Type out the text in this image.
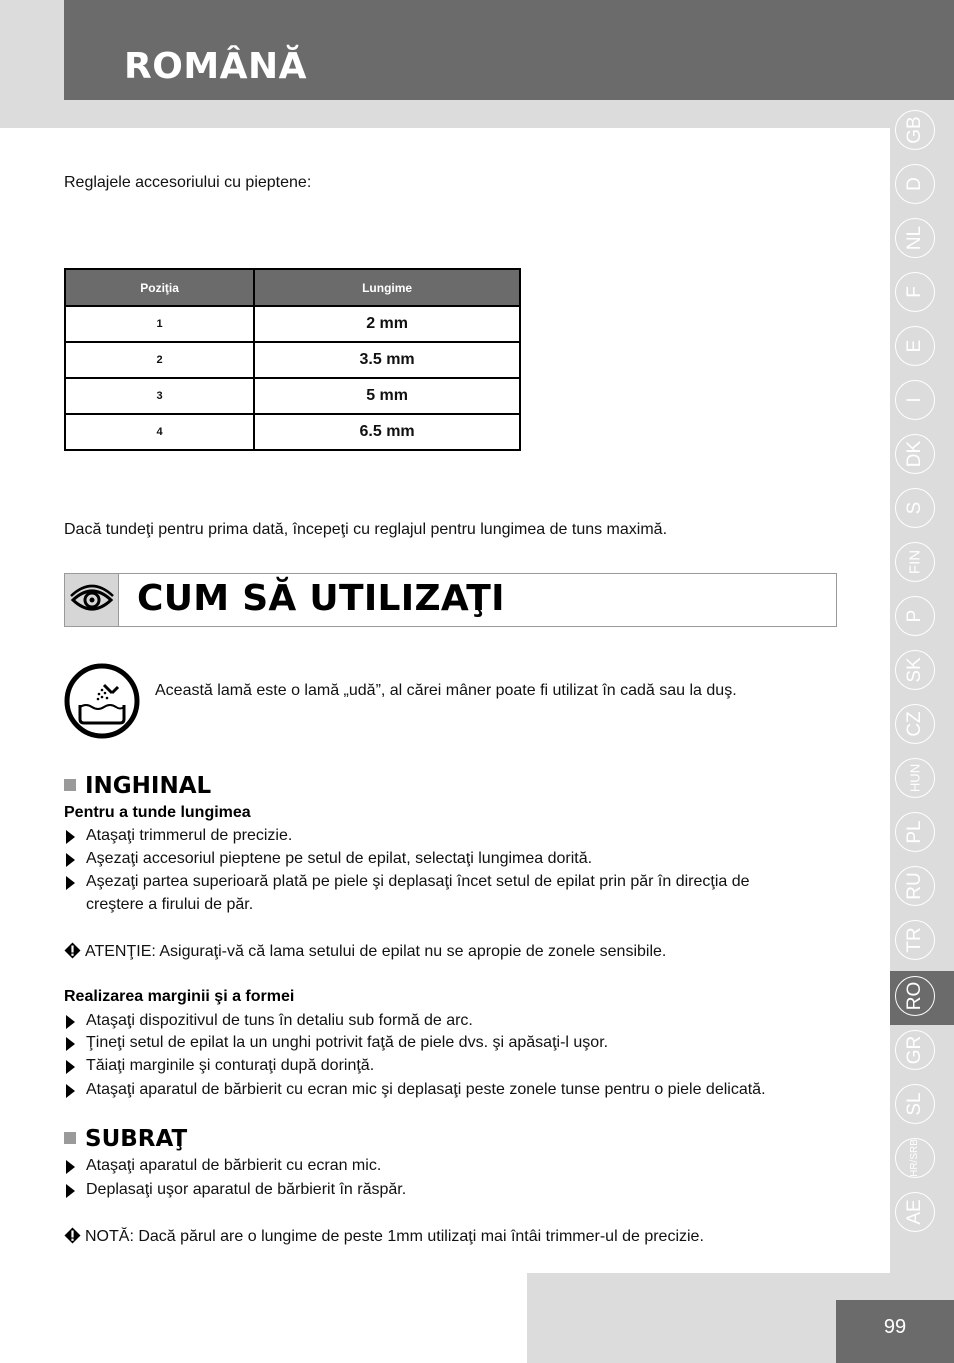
ROMÂNĂ
GB
D
NL
F
E
I
DK
S
FIN
P
SK
CZ
HUN
PL
RU
TR
RO
GR
SL
HR/SRB
AE
Reglajele accesoriului cu pieptene:
Poziţia	Lungime
1	2 mm
2	3.5 mm
3	5 mm
4	6.5 mm
Dacă tundeţi pentru prima dată, începeţi cu reglajul pentru lungimea de tuns maximă.
CUM SĂ UTILIZAŢI
Această lamă este o lamă „udă”, al cărei mâner poate fi utilizat în cadă sau la duş.
INGHINAL
Pentru a tunde lungimea
Ataşaţi trimmerul de precizie.
Aşezaţi accesoriul pieptene pe setul de epilat, selectaţi lungimea dorită.
Aşezaţi partea superioară plată pe piele şi deplasaţi încet setul de epilat prin păr în direcţia de
creştere a firului de păr.
ATENŢIE: Asiguraţi-vă că lama setului de epilat nu se apropie de zonele sensibile.
Realizarea marginii şi a formei
Ataşaţi dispozitivul de tuns în detaliu sub formă de arc.
Ţineţi setul de epilat la un unghi potrivit faţă de piele dvs. şi apăsaţi-l uşor.
Tăiaţi marginile şi conturaţi după dorinţă.
Ataşaţi aparatul de bărbierit cu ecran mic şi deplasaţi peste zonele tunse pentru o piele delicată.
SUBRAŢ
Ataşaţi aparatul de bărbierit cu ecran mic.
Deplasaţi uşor aparatul de bărbierit în răspăr.
NOTĂ: Dacă părul are o lungime de peste 1mm utilizaţi mai întâi trimmer-ul de precizie.
99
